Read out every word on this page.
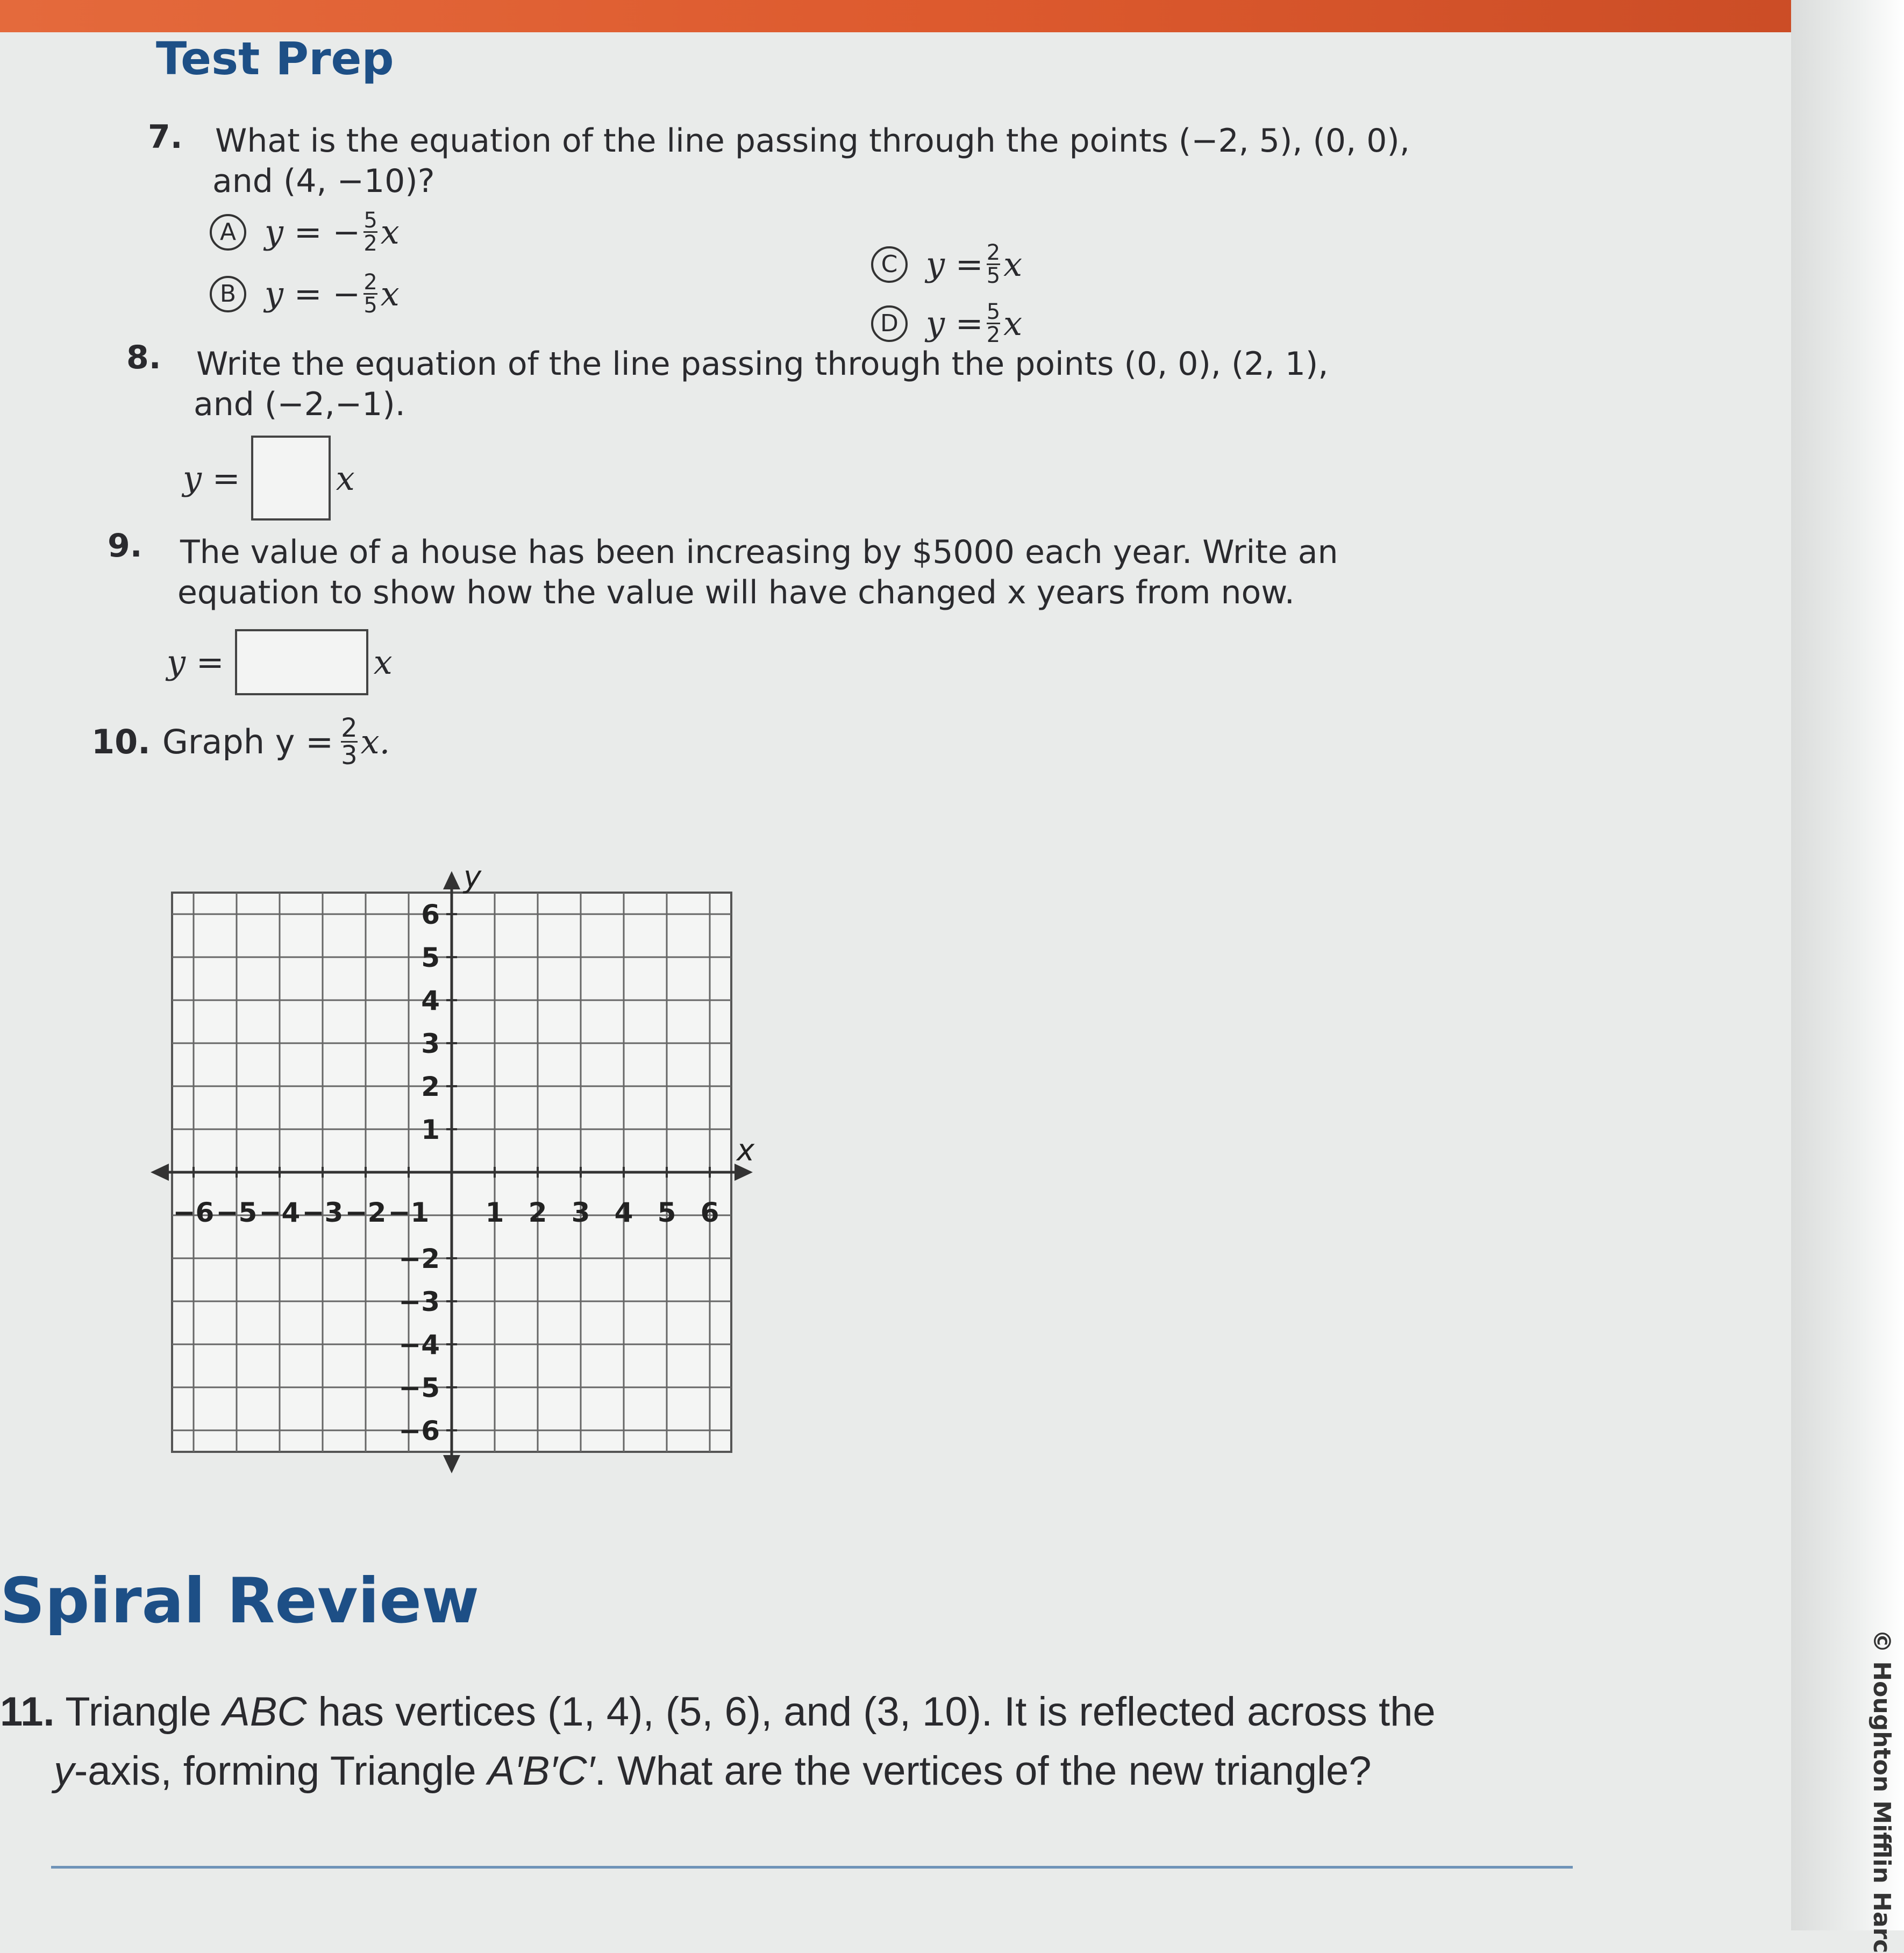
Test Prep
7. What is the equation of the line passing through the points (−2, 5), (0, 0),
and (4, −10)?
A y = − $\frac{5}{2}$ x
B y = − $\frac{2}{5}$ x
C $y = \frac{2}{5}$ x
D $y = \frac{5}{2}$ x
8. Write the equation of the line passing through the points (0, 0), (2, 1),
and (−2,−1).
y =	x
9. The value of a house has been increasing by $5000 each year. Write an
equation to show how the value will have changed x years from now.
y =	x
10. Graph $y = \frac{2}{3} x$.
x
y
−6 −5 −4 −3 −2 −1 1 2 3 4 5 6
6
5
4
3
2
1
−2
−3
−4
−5
−6
Spiral Review
11. Triangle ABC has vertices (1, 4), (5, 6), and (3, 10). It is reflected across the
y-axis, forming Triangle A′B′C′. What are the vertices of the new triangle?	© Houghton Mifflin Harc
